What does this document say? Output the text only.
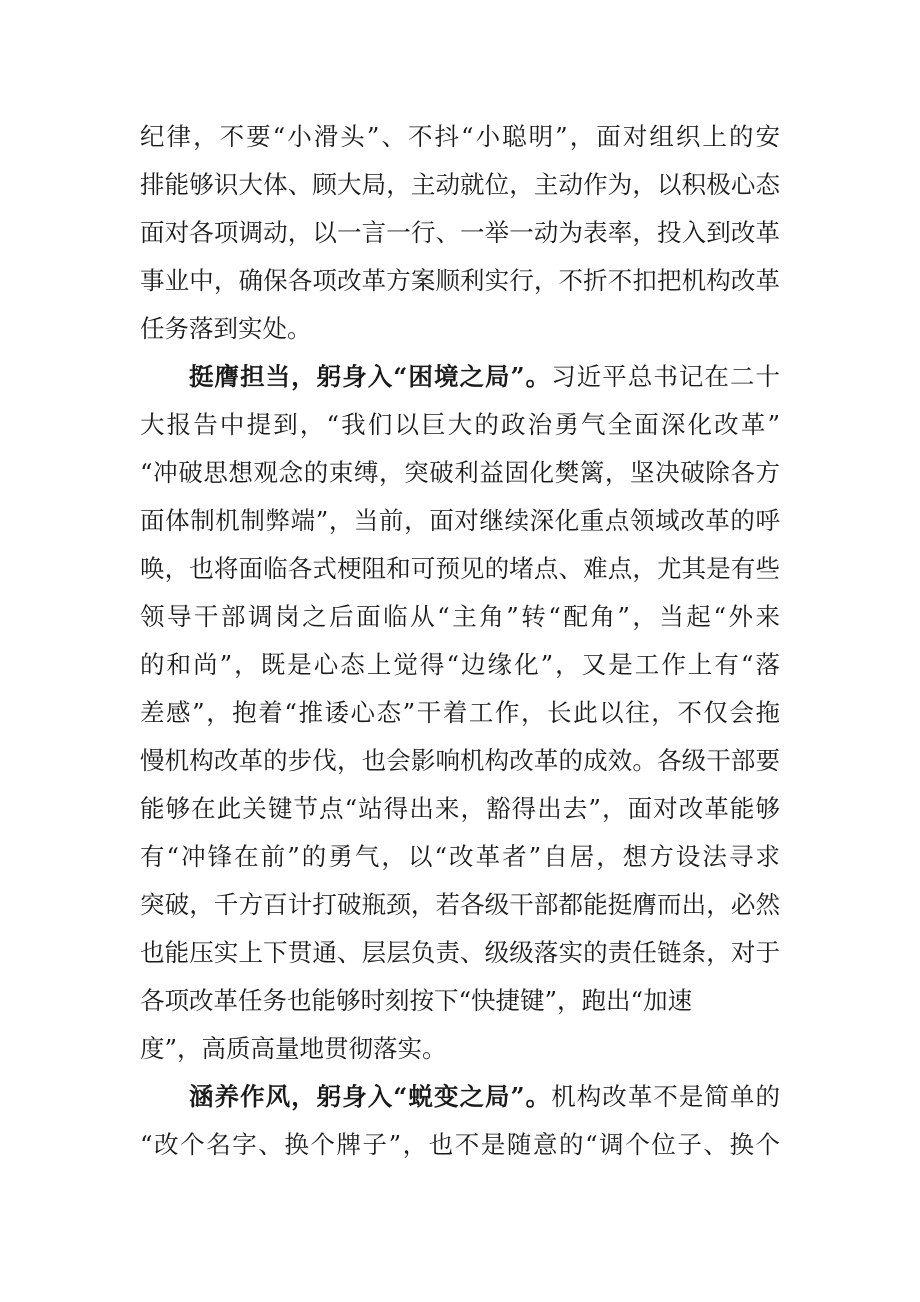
纪律，不要“小滑头”、不抖“小聪明”，面对组织上的安
排能够识大体、顾大局，主动就位，主动作为，以积极心态
面对各项调动，以一言一行、一举一动为表率，投入到改革
事业中，确保各项改革方案顺利实行，不折不扣把机构改革
任务落到实处。
挺膺担当，躬身入“困境之局”。习近平总书记在二十
大报告中提到，“我们以巨大的政治勇气全面深化改革”
“冲破思想观念的束缚，突破利益固化樊篱，坚决破除各方
面体制机制弊端”，当前，面对继续深化重点领域改革的呼
唤，也将面临各式梗阻和可预见的堵点、难点，尤其是有些
领导干部调岗之后面临从“主角”转“配角”，当起“外来
的和尚”，既是心态上觉得“边缘化”，又是工作上有“落
差感”，抱着“推诿心态”干着工作，长此以往，不仅会拖
慢机构改革的步伐，也会影响机构改革的成效。各级干部要
能够在此关键节点“站得出来，豁得出去”，面对改革能够
有“冲锋在前”的勇气，以“改革者”自居，想方设法寻求
突破，千方百计打破瓶颈，若各级干部都能挺膺而出，必然
也能压实上下贯通、层层负责、级级落实的责任链条，对于
各项改革任务也能够时刻按下“快捷键”，跑出“加速
度”，高质高量地贯彻落实。
涵养作风，躬身入“蜕变之局”。机构改革不是简单的
“改个名字、换个牌子”，也不是随意的“调个位子、换个
